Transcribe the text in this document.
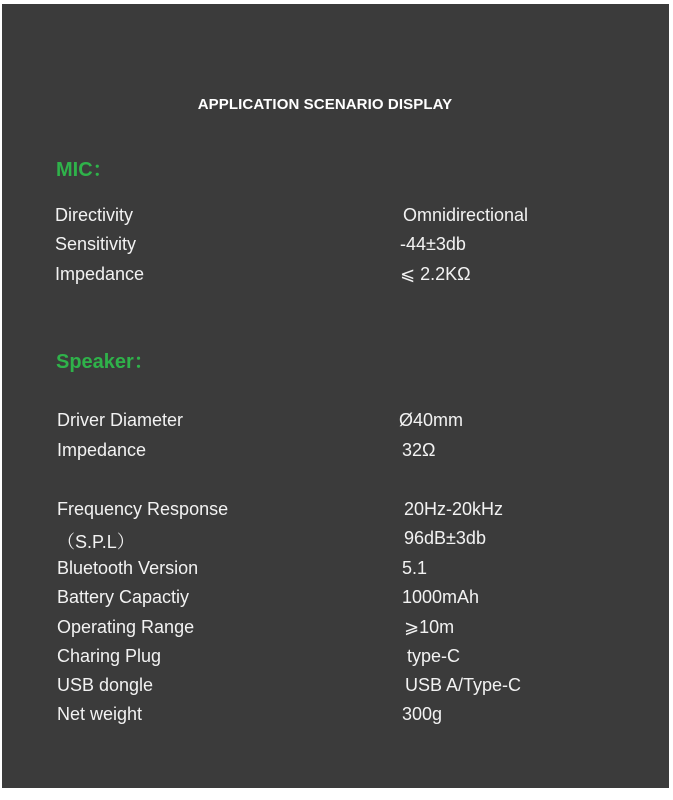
APPLICATION SCENARIO DISPLAY
MIC：
Directivity	Omnidirectional
Sensitivity	-44±3db
Impedance	⩽ 2.2KΩ
Speaker：
Driver Diameter	Ø40mm
Impedance	32Ω
Frequency Response	20Hz-20kHz
（S.P.L）	96dB±3db
Bluetooth Version	5.1
Battery Capactiy	1000mAh
Operating Range	⩾10m
Charing Plug	type-C
USB dongle	USB A/Type-C
Net weight	300g
